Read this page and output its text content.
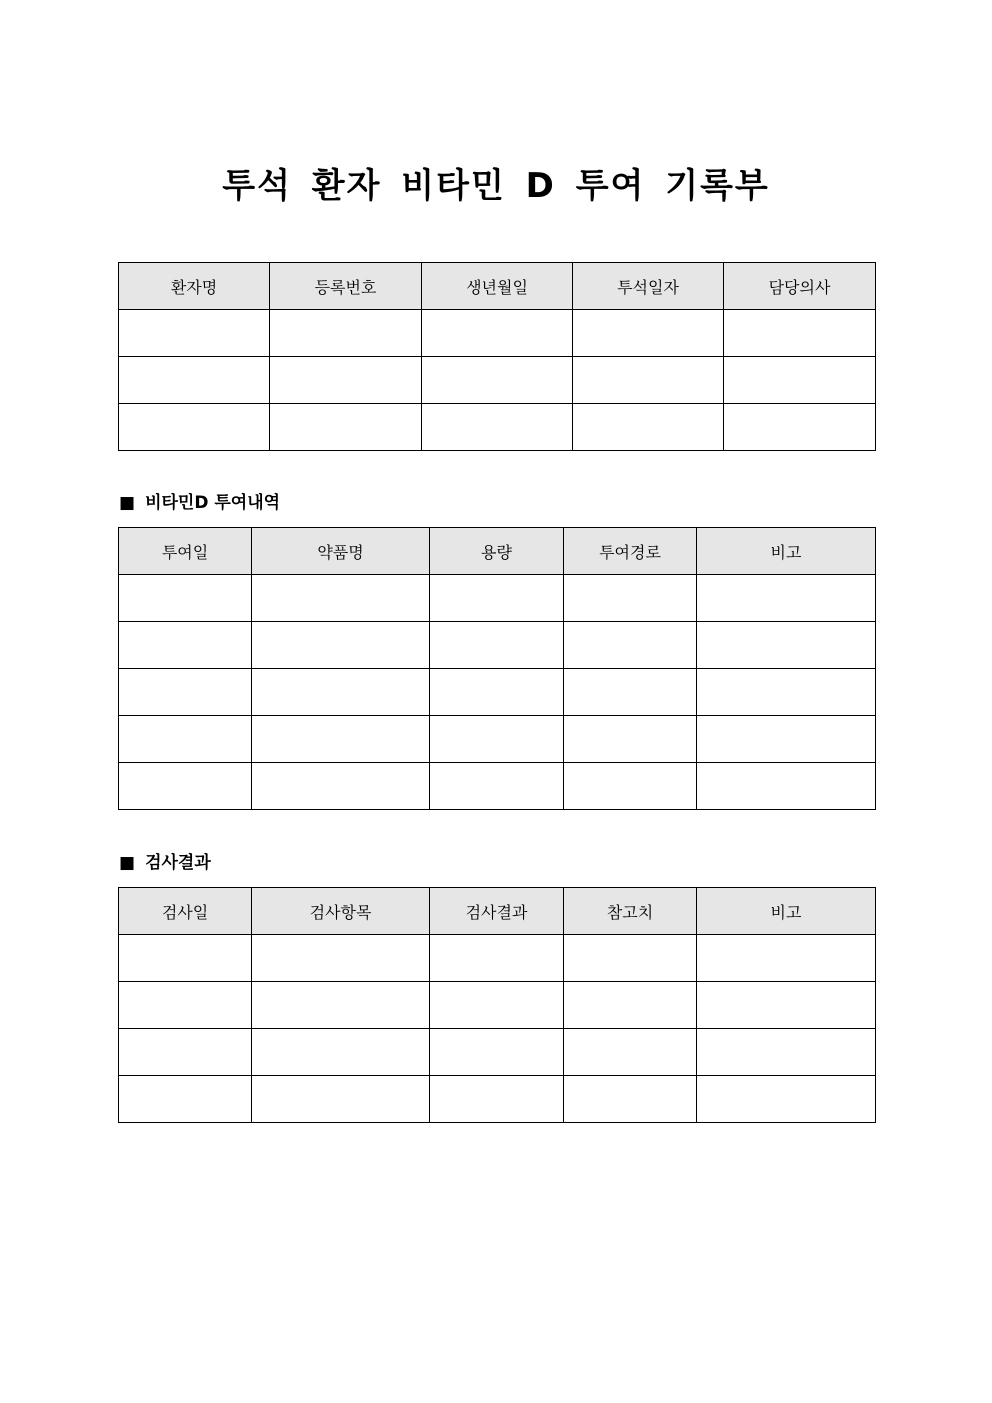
투석 환자 비타민 D 투여 기록부
환자명	등록번호	생년월일	투석일자	담당의사

■ 비타민D 투여내역
투여일	약품명	용량	투여경로	비고

■ 검사결과
검사일	검사항목	검사결과	참고치	비고
